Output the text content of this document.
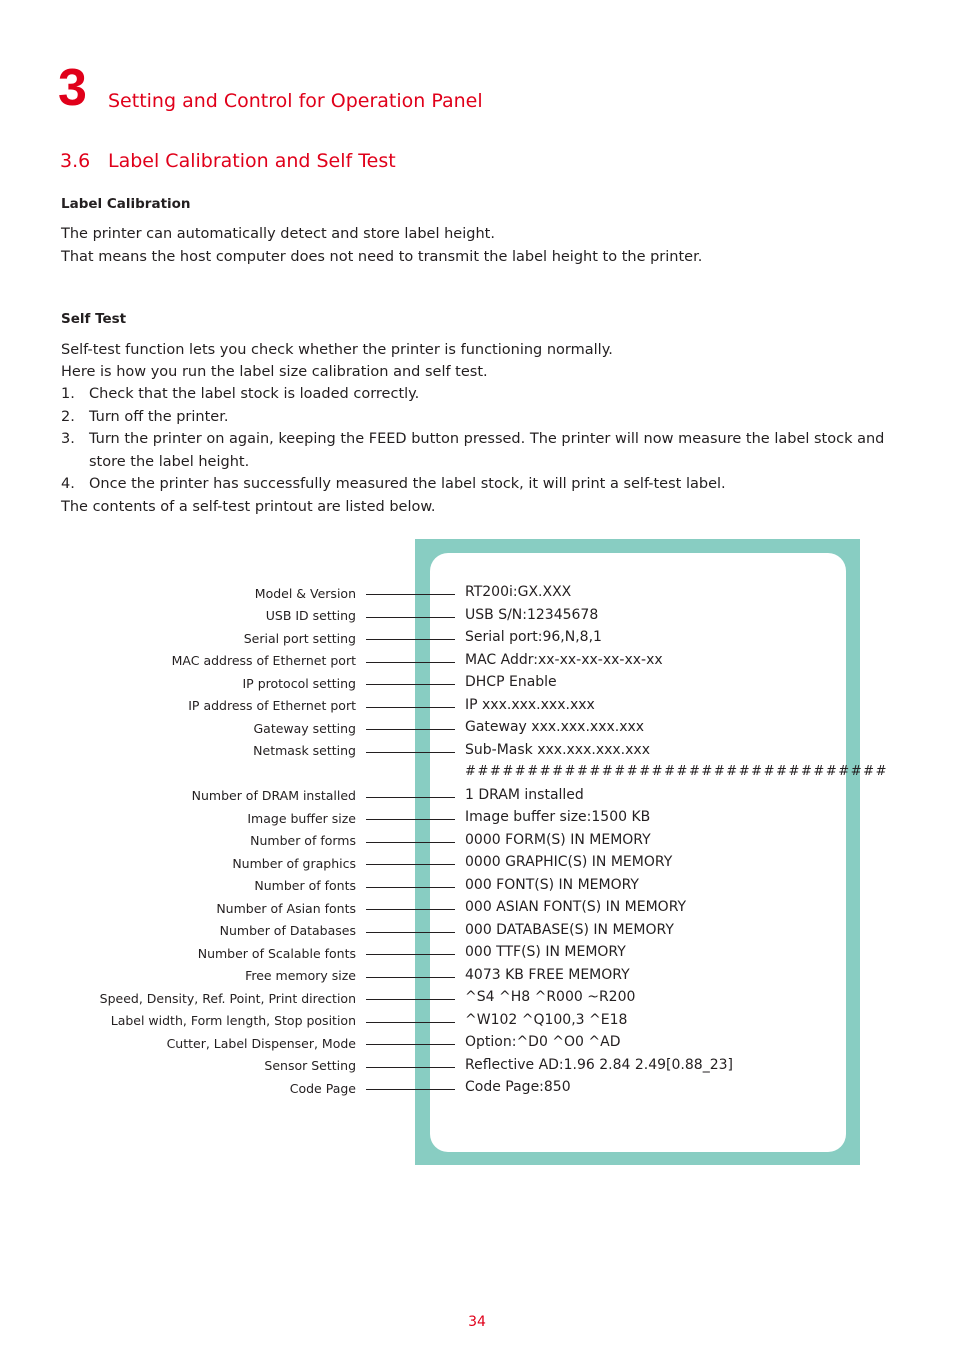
3 Setting and Control for Operation Panel
3.6 Label Calibration and Self Test
Label Calibration
The printer can automatically detect and store label height.
That means the host computer does not need to transmit the label height to the printer.
Self Test
Self-test function lets you check whether the printer is functioning normally.
Here is how you run the label size calibration and self test.
1. Check that the label stock is loaded correctly.
2. Turn off the printer.
3. Turn the printer on again, keeping the FEED button pressed. The printer will now measure the label stock and
store the label height.
4. Once the printer has successfully measured the label stock, it will print a self-test label.
The contents of a self-test printout are listed below.
##################################
Model & Version	RT200i:GX.XXX
USB ID setting	USB S/N:12345678
Serial port setting	Serial port:96,N,8,1
MAC address of Ethernet port	MAC Addr:xx-xx-xx-xx-xx-xx
IP protocol setting	DHCP Enable
IP address of Ethernet port	IP xxx.xxx.xxx.xxx
Gateway setting	Gateway xxx.xxx.xxx.xxx
Netmask setting	Sub-Mask xxx.xxx.xxx.xxx
Number of DRAM installed	1 DRAM installed
Image buffer size	Image buffer size:1500 KB
Number of forms	0000 FORM(S) IN MEMORY
Number of graphics	0000 GRAPHIC(S) IN MEMORY
Number of fonts	000 FONT(S) IN MEMORY
Number of Asian fonts	000 ASIAN FONT(S) IN MEMORY
Number of Databases	000 DATABASE(S) IN MEMORY
Number of Scalable fonts	000 TTF(S) IN MEMORY
Free memory size	4073 KB FREE MEMORY
Speed, Density, Ref. Point, Print direction	^S4 ^H8 ^R000 ~R200
Label width, Form length, Stop position	^W102 ^Q100,3 ^E18
Cutter, Label Dispenser, Mode	Option:^D0 ^O0 ^AD
Sensor Setting	Reflective AD:1.96 2.84 2.49[0.88_23]
Code Page	Code Page:850
34
